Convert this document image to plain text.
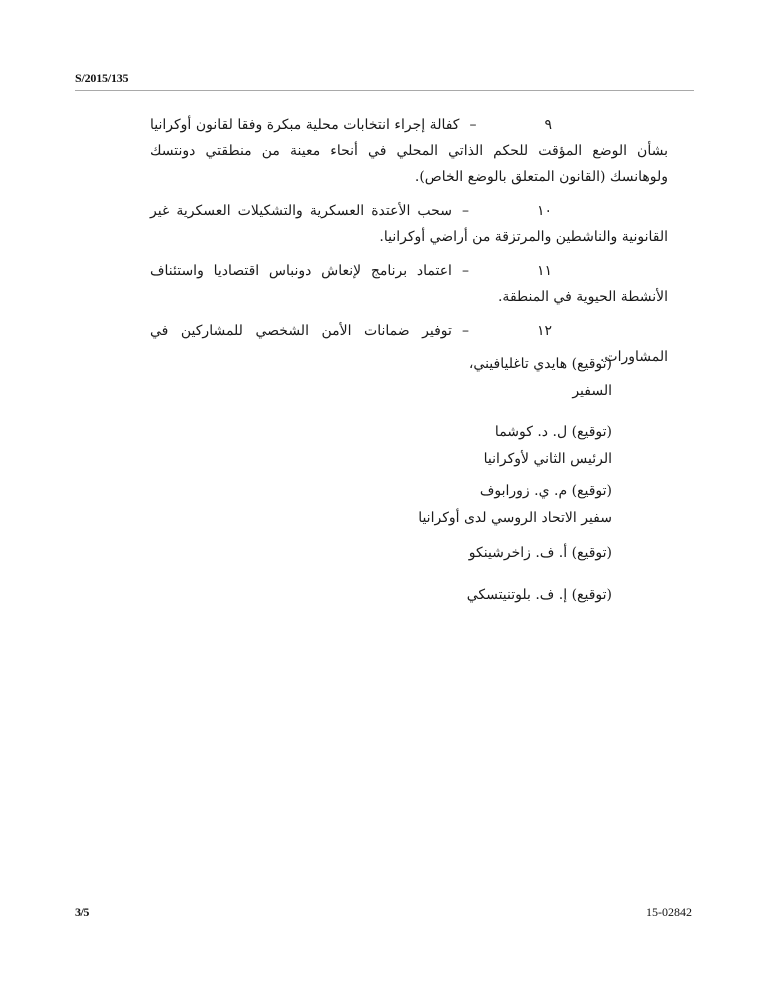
S/2015/135

٩–كفالة إجراء انتخابات محلية مبكرة وفقا لقانون أوكرانيا بشأن الوضع المؤقت للحكم الذاتي المحلي في أنحاء معينة من منطقتي دونتسك ولوهانسك (القانون المتعلق بالوضع الخاص).

١٠–سحب الأعتدة العسكرية والتشكيلات العسكرية غير القانونية والناشطين والمرتزقة من أراضي أوكرانيا.

١١–اعتماد برنامج لإنعاش دونباس اقتصاديا واستئناف الأنشطة الحيوية في المنطقة.

١٢–توفير ضمانات الأمن الشخصي للمشاركين في المشاورات.

(توقيع) هايدي تاغليافيني،
السفير
(توقيع) ل. د. كوشما
الرئيس الثاني لأوكرانيا
(توقيع) م. ي. زورابوف
سفير الاتحاد الروسي لدى أوكرانيا
(توقيع) أ. ف. زاخرشينكو
(توقيع) إ. ف. بلوتنيتسكي
3/5	15-02842
